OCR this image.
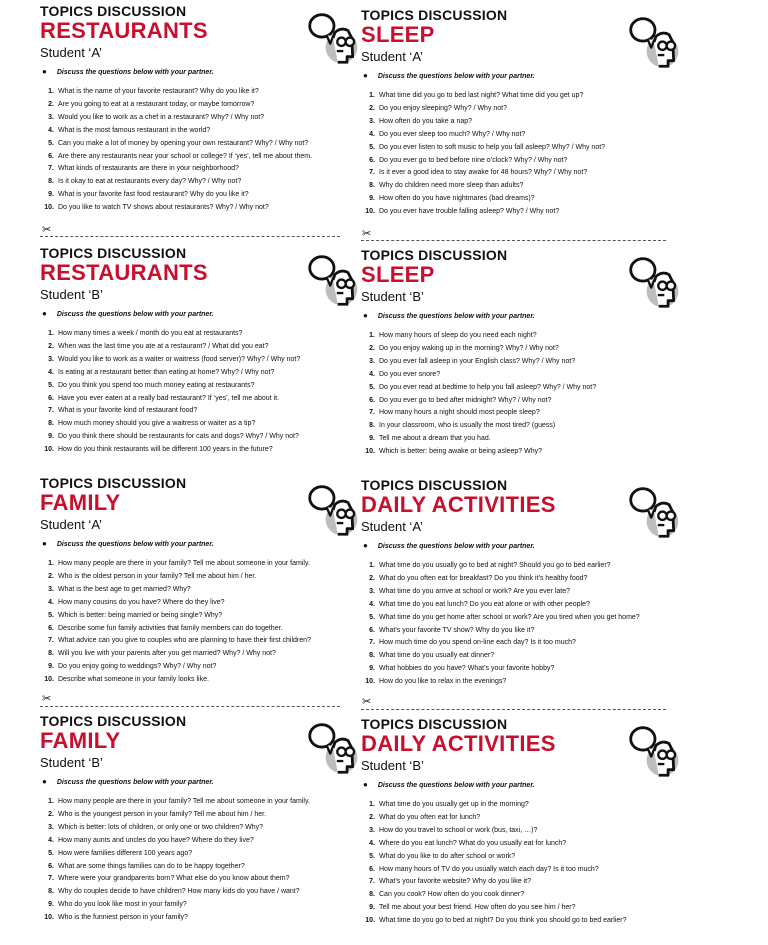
TOPICS DISCUSSION
RESTAURANTS
Student ‘A’
● Discuss the questions below with your partner.
1. What is the name of your favorite restaurant? Why do you like it?
2. Are you going to eat at a restaurant today, or maybe tomorrow?
3. Would you like to work as a chef in a restaurant? Why? / Why not?
4. What is the most famous restaurant in the world?
5. Can you make a lot of money by opening your own restaurant? Why? / Why not?
6. Are there any restaurants near your school or college? If ‘yes’, tell me about them.
7. What kinds of restaurants are there in your neighborhood?
8. Is it okay to eat at restaurants every day? Why? / Why not?
9. What is your favorite fast food restaurant? Why do you like it?
10. Do you like to watch TV shows about restaurants? Why? / Why not?
TOPICS DISCUSSION
SLEEP
Student ‘A’
● Discuss the questions below with your partner.
1. What time did you go to bed last night? What time did you get up?
2. Do you enjoy sleeping? Why? / Why not?
3. How often do you take a nap?
4. Do you ever sleep too much? Why? / Why not?
5. Do you ever listen to soft music to help you fall asleep? Why? / Why not?
6. Do you ever go to bed before nine o’clock? Why? / Why not?
7. Is it ever a good idea to stay awake for 48 hours? Why? / Why not?
8. Why do children need more sleep than adults?
9. How often do you have nightmares (bad dreams)?
10. Do you ever have trouble falling asleep? Why? / Why not?
TOPICS DISCUSSION
RESTAURANTS
Student ‘B’
● Discuss the questions below with your partner.
1. How many times a week / month do you eat at restaurants?
2. When was the last time you ate at a restaurant? / What did you eat?
3. Would you like to work as a waiter or waitress (food server)? Why? / Why not?
4. Is eating at a restaurant better than eating at home? Why? / Why not?
5. Do you think you spend too much money eating at restaurants?
6. Have you ever eaten at a really bad restaurant? If ‘yes’, tell me about it.
7. What is your favorite kind of restaurant food?
8. How much money should you give a waitress or waiter as a tip?
9. Do you think there should be restaurants for cats and dogs? Why? / Why not?
10. How do you think restaurants will be different 100 years in the future?
TOPICS DISCUSSION
SLEEP
Student ‘B’
● Discuss the questions below with your partner.
1. How many hours of sleep do you need each night?
2. Do you enjoy waking up in the morning? Why? / Why not?
3. Do you ever fall asleep in your English class? Why? / Why not?
4. Do you ever snore?
5. Do you ever read at bedtime to help you fall asleep? Why? / Why not?
6. Do you ever go to bed after midnight? Why? / Why not?
7. How many hours a night should most people sleep?
8. In your classroom, who is usually the most tired? (guess)
9. Tell me about a dream that you had.
10. Which is better: being awake or being asleep? Why?
TOPICS DISCUSSION
FAMILY
Student ‘A’
● Discuss the questions below with your partner.
1. How many people are there in your family? Tell me about someone in your family.
2. Who is the oldest person in your family? Tell me about him / her.
3. What is the best age to get married? Why?
4. How many cousins do you have? Where do they live?
5. Which is better: being married or being single? Why?
6. Describe some fun family activities that family members can do together.
7. What advice can you give to couples who are planning to have their first children?
8. Will you live with your parents after you get married? Why? / Why not?
9. Do you enjoy going to weddings? Why? / Why not?
10. Describe what someone in your family looks like.
TOPICS DISCUSSION
DAILY ACTIVITIES
Student ‘A’
● Discuss the questions below with your partner.
1. What time do you usually go to bed at night? Should you go to bed earlier?
2. What do you often eat for breakfast? Do you think it’s healthy food?
3. What time do you arrive at school or work? Are you ever late?
4. What time do you eat lunch? Do you eat alone or with other people?
5. What time do you get home after school or work? Are you tired when you get home?
6. What’s your favorite TV show? Why do you like it?
7. How much time do you spend on-line each day? Is it too much?
8. What time do you usually eat dinner?
9. What hobbies do you have? What’s your favorite hobby?
10. How do you like to relax in the evenings?
TOPICS DISCUSSION
FAMILY
Student ‘B’
● Discuss the questions below with your partner.
1. How many people are there in your family? Tell me about someone in your family.
2. Who is the youngest person in your family? Tell me about him / her.
3. Which is better: lots of children, or only one or two children? Why?
4. How many aunts and uncles do you have? Where do they live?
5. How were families different 100 years ago?
6. What are some things families can do to be happy together?
7. Where were your grandparents born? What else do you know about them?
8. Why do couples decide to have children? How many kids do you have / want?
9. Who do you look like most in your family?
10. Who is the funniest person in your family?
TOPICS DISCUSSION
DAILY ACTIVITIES
Student ‘B’
● Discuss the questions below with your partner.
1. What time do you usually get up in the morning?
2. What do you often eat for lunch?
3. How do you travel to school or work (bus, taxi, …)?
4. Where do you eat lunch? What do you usually eat for lunch?
5. What do you like to do after school or work?
6. How many hours of TV do you usually watch each day? Is it too much?
7. What’s your favorite website? Why do you like it?
8. Can you cook? How often do you cook dinner?
9. Tell me about your best friend. How often do you see him / her?
10. What time do you go to bed at night? Do you think you should go to bed earlier?
✂	✂
✂	✂
